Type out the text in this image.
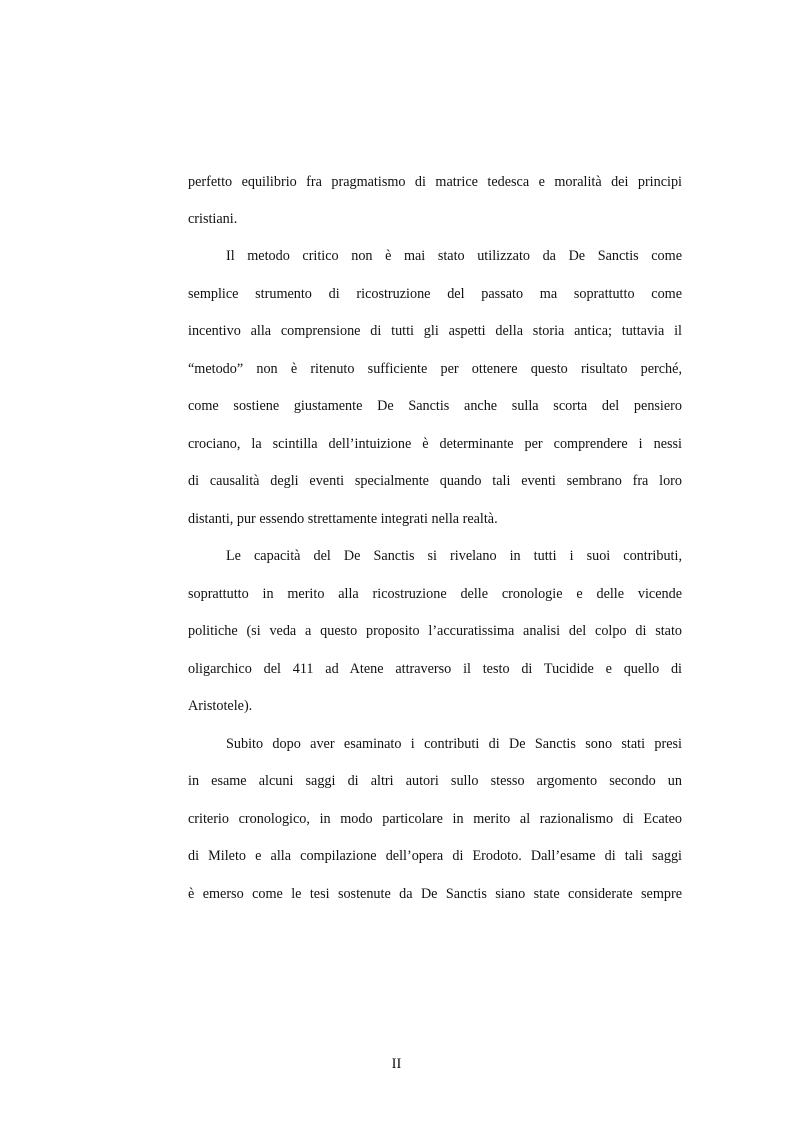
perfetto equilibrio fra pragmatismo di matrice tedesca e moralità dei principi
cristiani.
Il metodo critico non è mai stato utilizzato da De Sanctis come
semplice strumento di ricostruzione del passato ma soprattutto come
incentivo alla comprensione di tutti gli aspetti della storia antica; tuttavia il
“metodo” non è ritenuto sufficiente per ottenere questo risultato perché,
come sostiene giustamente De Sanctis anche sulla scorta del pensiero
crociano, la scintilla dell’intuizione è determinante per comprendere i nessi
di causalità degli eventi specialmente quando tali eventi sembrano fra loro
distanti, pur essendo strettamente integrati nella realtà.
Le capacità del De Sanctis si rivelano in tutti i suoi contributi,
soprattutto in merito alla ricostruzione delle cronologie e delle vicende
politiche (si veda a questo proposito l’accuratissima analisi del colpo di stato
oligarchico del 411 ad Atene attraverso il testo di Tucidide e quello di
Aristotele).
Subito dopo aver esaminato i contributi di De Sanctis sono stati presi
in esame alcuni saggi di altri autori sullo stesso argomento secondo un
criterio cronologico, in modo particolare in merito al razionalismo di Ecateo
di Mileto e alla compilazione dell’opera di Erodoto. Dall’esame di tali saggi
è emerso come le tesi sostenute da De Sanctis siano state considerate sempre
II
